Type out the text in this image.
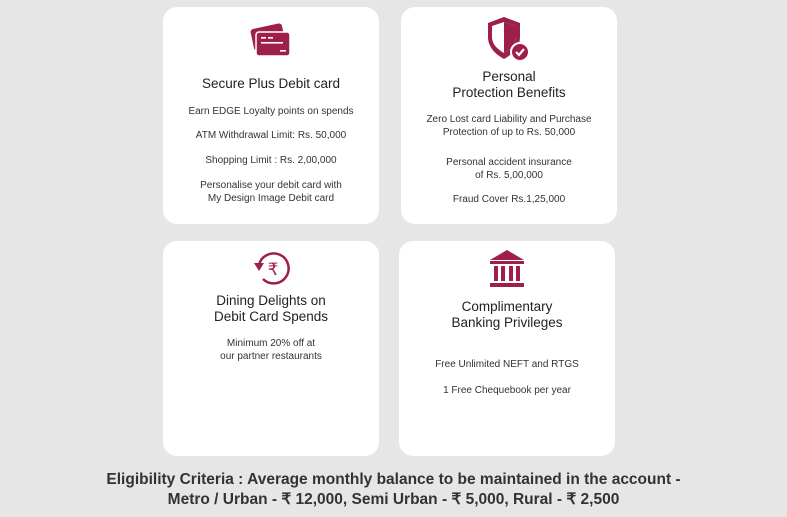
Secure Plus Debit card
Earn EDGE Loyalty points on spends
ATM Withdrawal Limit: Rs. 50,000
Shopping Limit : Rs. 2,00,000
Personalise your debit card with
My Design Image Debit card
Personal
Protection Benefits
Zero Lost card Liability and Purchase
Protection of up to Rs. 50,000
Personal accident insurance
of Rs. 5,00,000
Fraud Cover Rs.1,25,000
₹
Dining Delights on
Debit Card Spends
Minimum 20% off at
our partner restaurants
Complimentary
Banking Privileges
Free Unlimited NEFT and RTGS
1 Free Chequebook per year
Eligibility Criteria : Average monthly balance to be maintained in the account -
Metro / Urban - ₹ 12,000, Semi Urban - ₹ 5,000, Rural - ₹ 2,500
